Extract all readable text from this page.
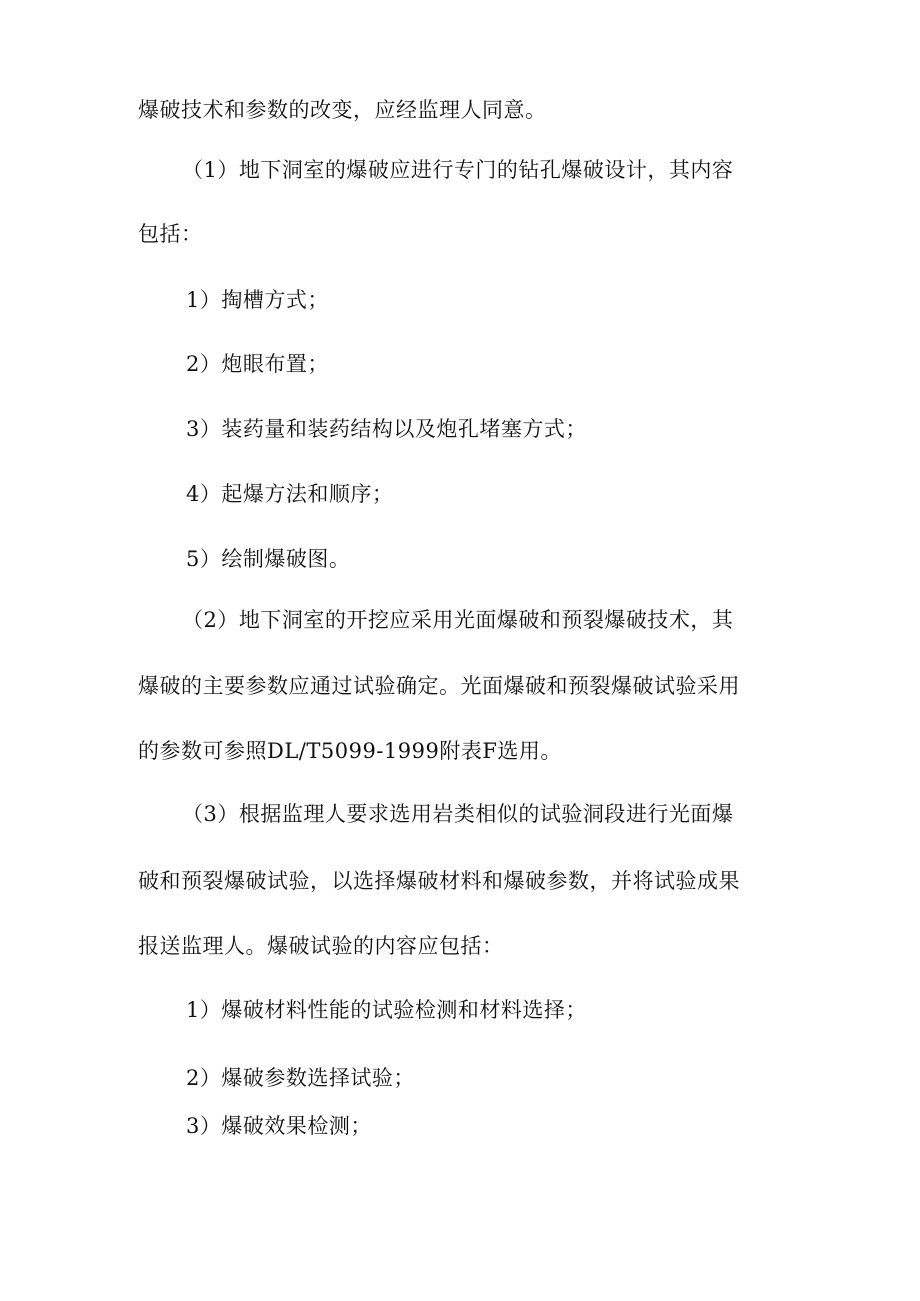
爆破技术和参数的改变，应经监理人同意。
（1）地下洞室的爆破应进行专门的钻孔爆破设计，其内容
包括：
1）掏槽方式；
2）炮眼布置；
3）装药量和装药结构以及炮孔堵塞方式；
4）起爆方法和顺序；
5）绘制爆破图。
（2）地下洞室的开挖应采用光面爆破和预裂爆破技术，其
爆破的主要参数应通过试验确定。光面爆破和预裂爆破试验采用
的参数可参照DL/T5099-1999附表F选用。
（3）根据监理人要求选用岩类相似的试验洞段进行光面爆
破和预裂爆破试验，以选择爆破材料和爆破参数，并将试验成果
报送监理人。爆破试验的内容应包括：
1）爆破材料性能的试验检测和材料选择；
2）爆破参数选择试验；
3）爆破效果检测；
